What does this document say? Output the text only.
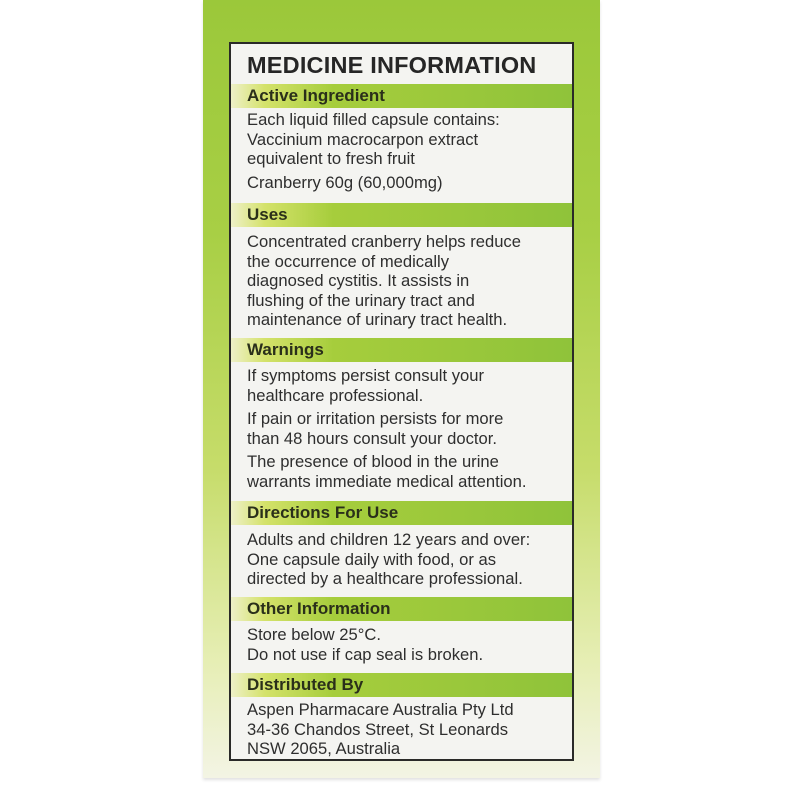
MEDICINE INFORMATION
Active Ingredient
Each liquid filled capsule contains:
Vaccinium macrocarpon extract
equivalent to fresh fruit
Cranberry 60g (60,000mg)
Uses
Concentrated cranberry helps reduce
the occurrence of medically
diagnosed cystitis. It assists in
flushing of the urinary tract and
maintenance of urinary tract health.
Warnings
If symptoms persist consult your
healthcare professional.
If pain or irritation persists for more
than 48 hours consult your doctor.
The presence of blood in the urine
warrants immediate medical attention.
Directions For Use
Adults and children 12 years and over:
One capsule daily with food, or as
directed by a healthcare professional.
Other Information
Store below 25°C.
Do not use if cap seal is broken.
Distributed By
Aspen Pharmacare Australia Pty Ltd
34-36 Chandos Street, St Leonards
NSW 2065, Australia
